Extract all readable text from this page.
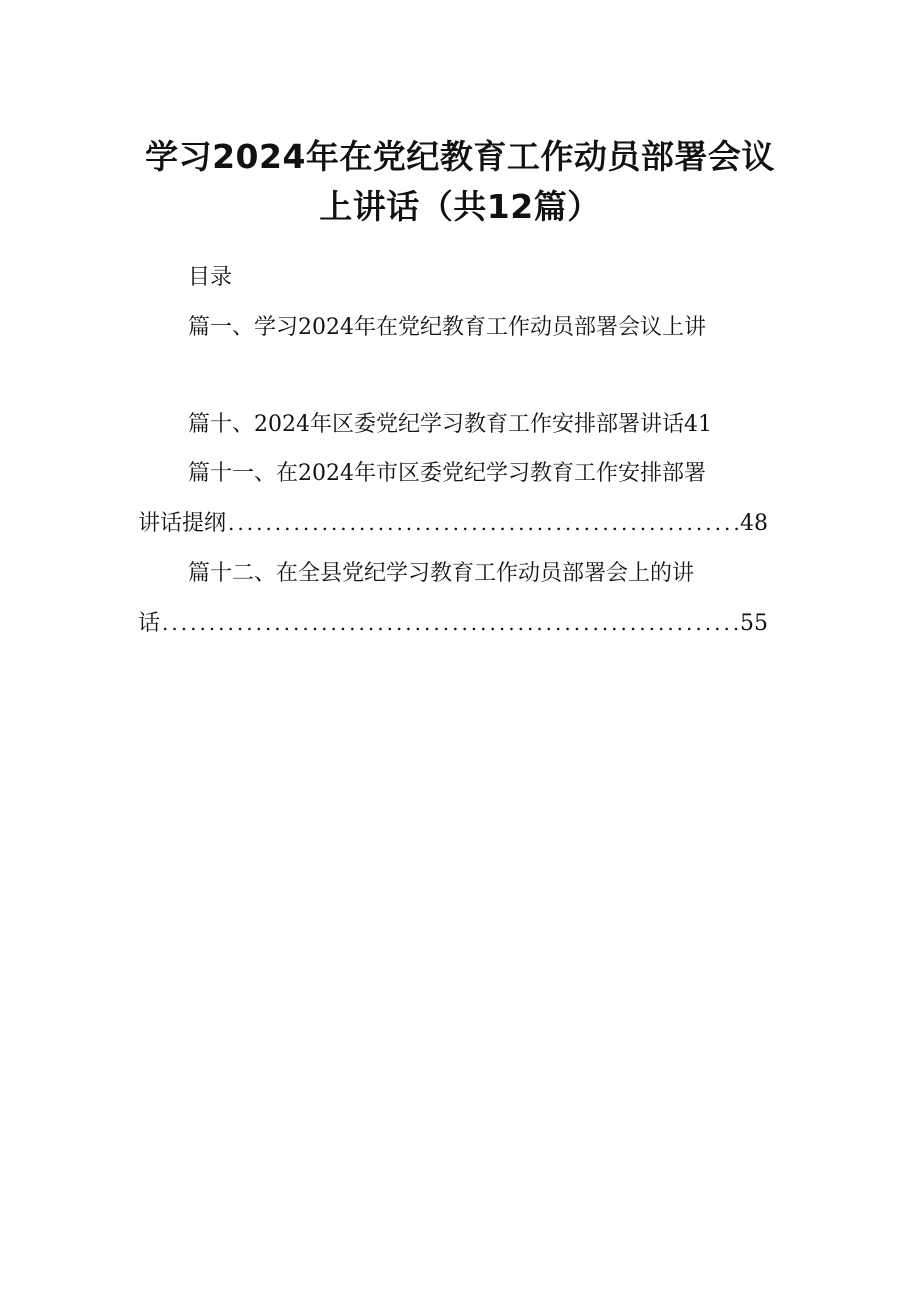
学习2024年在党纪教育工作动员部署会议
上讲话（共12篇）
目录
篇一、学习2024年在党纪教育工作动员部署会议上讲
篇十、2024年区委党纪学习教育工作安排部署讲话41
篇十一、在2024年市区委党纪学习教育工作安排部署
讲话提纲 .....	48
篇十二、在全县党纪学习教育工作动员部署会上的讲
话 .....	55
